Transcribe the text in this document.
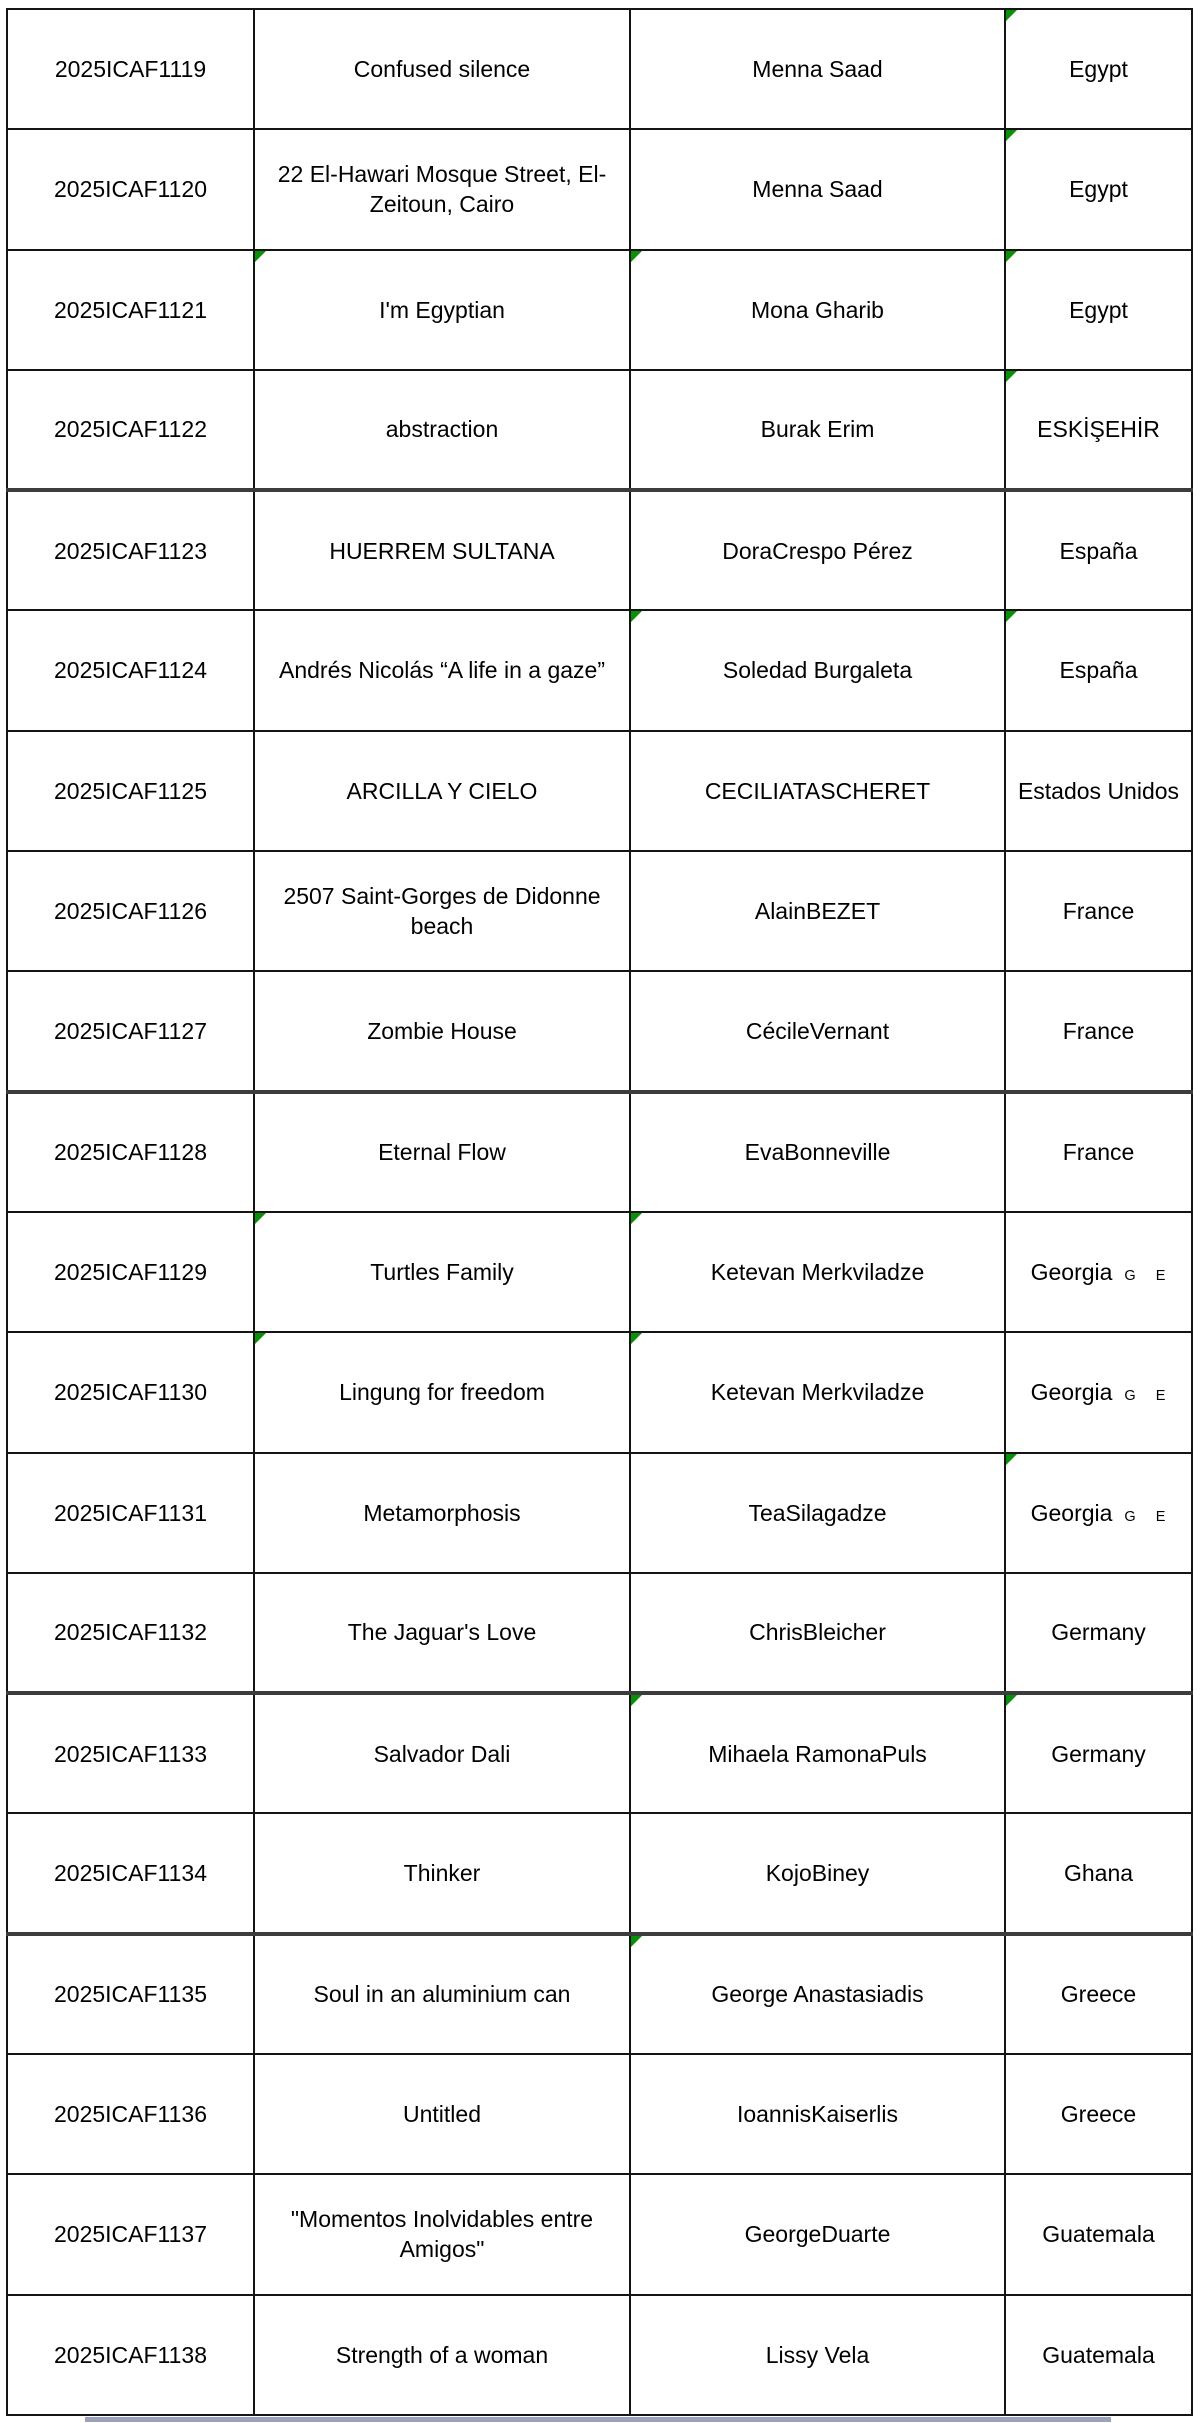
2025ICAF1119	Confused silence	Menna Saad	Egypt

2025ICAF1120	22 El-Hawari Mosque Street, El-Zeitoun, Cairo	Menna Saad	Egypt

2025ICAF1121	I'm Egyptian	Mona Gharib	Egypt

2025ICAF1122	abstraction	Burak Erim	ESKİŞEHİR

2025ICAF1123	HUERREM SULTANA	DoraCrespo Pérez	España
2025ICAF1124	Andrés Nicolás “A life in a gaze”	Soledad Burgaleta	España

2025ICAF1125	ARCILLA Y CIELO	CECILIATASCHERET	Estados Unidos
2025ICAF1126	2507 Saint-Gorges de Didonne beach	AlainBEZET	France
2025ICAF1127	Zombie House	CécileVernant	France
2025ICAF1128	Eternal Flow	EvaBonneville	France
2025ICAF1129	Turtles Family	Ketevan Merkviladze	Georgia G E
2025ICAF1130	Lingung for freedom	Ketevan Merkviladze	Georgia G E
2025ICAF1131	Metamorphosis	TeaSilagadze	Georgia G E

2025ICAF1132	The Jaguar's Love	ChrisBleicher	Germany
2025ICAF1133	Salvador Dali	Mihaela RamonaPuls	Germany

2025ICAF1134	Thinker	KojoBiney	Ghana
2025ICAF1135	Soul in an aluminium can	George Anastasiadis	Greece
2025ICAF1136	Untitled	IoannisKaiserlis	Greece
2025ICAF1137	"Momentos Inolvidables entre Amigos"	GeorgeDuarte	Guatemala
2025ICAF1138	Strength of a woman	Lissy Vela	Guatemala
